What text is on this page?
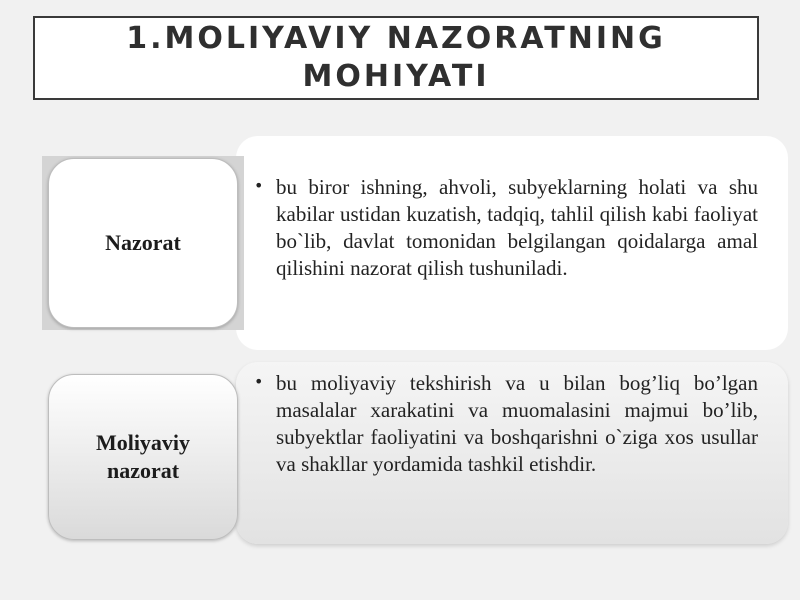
1.MOLIYAVIY NAZORATNING MOHIYATI
• bu biror ishning, ahvoli, subyeklarning holati va shu kabilar ustidan kuzatish, tadqiq, tahlil qilish kabi faoliyat bo`lib, davlat tomonidan belgilangan qoidalarga amal qilishini nazorat qilish tushuniladi.
Nazorat
• bu moliyaviy tekshirish va u bilan bog’liq bo’lgan masalalar xarakatini va muomalasini majmui bo’lib, subyektlar faoliyatini va boshqarishni o`ziga xos usullar va shakllar yordamida tashkil etishdir.
Moliyaviy nazorat
